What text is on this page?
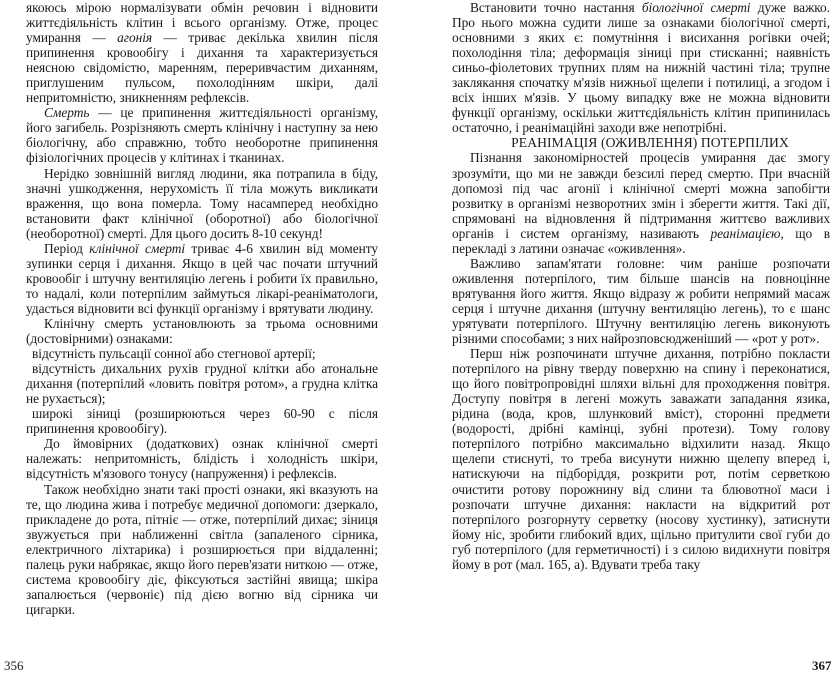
якоюсь мірою нормалізувати обмін речовин і відновити життєдіяльність клітин і всього організму. Отже, процес умирання — агонія — триває декілька хвилин після припинення кровообігу і дихання та характеризується неясною свідомістю, маренням, переривчастим диханням, приглушеним пульсом, похолодінням шкіри, далі непритомністю, зникненням рефлексів.

Смерть — це припинення життєдіяльності організму, його загибель. Розрізняють смерть клінічну і наступну за нею біологічну, або справжню, тобто необоротне припинення фізіологічних процесів у клітинах і тканинах.

Нерідко зовнішній вигляд людини, яка потрапила в біду, значні ушкодження, нерухомість її тіла можуть викликати враження, що вона померла. Тому насамперед необхідно встановити факт клінічної (оборотної) або біологічної (необоротної) смерті. Для цього досить 8-10 секунд!

Період клінічної смерті триває 4-6 хвилин від моменту зупинки серця і дихання. Якщо в цей час почати штучний кровообіг і штучну вентиляцію легень і робити їх правильно, то надалі, коли потерпілим займуться лікарі-реаніматологи, удасться відновити всі функції організму і врятувати людину.

Клінічну смерть установлюють за трьома основними (достовірними) ознаками:

відсутність пульсації сонної або стегнової артерії;

відсутність дихальних рухів грудної клітки або атональне дихання (потерпілий «ловить повітря ротом», а грудна клітка не рухається);

широкі зіниці (розширюються через 60-90 с після припинення кровообігу).

До ймовірних (додаткових) ознак клінічної смерті належать: непритомність, блідість і холодність шкіри, відсутність м'язового тонусу (напруження) і рефлексів.

Також необхідно знати такі прості ознаки, які вказують на те, що людина жива і потребує медичної допомоги: дзеркало, прикладене до рота, пітніє — отже, потерпілий дихає; зіниця звужується при наближенні світла (запаленого сірника, електричного ліхтарика) і розширюється при віддаленні; палець руки набрякає, якщо його перев'язати ниткою — отже, система кровообігу діє, фіксуються застійні явища; шкіра запалюється (червоніє) під дією вогню від сірника чи цигарки.

Встановити точно настання біологічної смерті дуже важко. Про нього можна судити лише за ознаками біологічної смерті, основними з яких є: помутніння і висихання рогівки очей; похолодіння тіла; деформація зіниці при стисканні; наявність синьо-фіолетових трупних плям на нижній частині тіла; трупне заклякання спочатку м'язів нижньої щелепи і потилиці, а згодом і всіх інших м'язів. У цьому випадку вже не можна відновити функції організму, оскільки життєдіяльність клітин припинилась остаточно, і реанімаційні заходи вже непотрібні.

РЕАНІМАЦІЯ (ОЖИВЛЕННЯ) ПОТЕРПІЛИХ

Пізнання закономірностей процесів умирання дає змогу зрозуміти, що ми не завжди безсилі перед смертю. При вчасній допомозі під час агонії і клінічної смерті можна запобігти розвитку в організмі незворотних змін і зберегти життя. Такі дії, спрямовані на відновлення й підтримання життєво важливих органів і систем організму, називають реанімацією, що в перекладі з латини означає «оживлення».

Важливо запам'ятати головне: чим раніше розпочати оживлення потерпілого, тим більше шансів на повноцінне врятування його життя. Якщо відразу ж робити непрямий масаж серця і штучне дихання (штучну вентиляцію легень), то є шанс урятувати потерпілого. Штучну вентиляцію легень виконують різними способами; з них найрозповсюдженіший — «рот у рот».

Перш ніж розпочинати штучне дихання, потрібно покласти потерпілого на рівну тверду поверхню на спину і переконатися, що його повітропровідні шляхи вільні для проходження повітря. Доступу повітря в легені можуть заважати западання язика, рідина (вода, кров, шлунковий вміст), сторонні предмети (водорості, дрібні камінці, зубні протези). Тому голову потерпілого потрібно максимально відхилити назад. Якщо щелепи стиснуті, то треба висунути нижню щелепу вперед і, натискуючи на підборіддя, розкрити рот, потім серветкою очистити ротову порожнину від слини та блювотної маси і розпочати штучне дихання: накласти на відкритий рот потерпілого розгорнуту серветку (носову хустинку), затиснути йому ніс, зробити глибокий вдих, щільно притулити свої губи до губ потерпілого (для герметичності) і з силою видихнути повітря йому в рот (мал. 165, а). Вдувати треба таку

356	367
